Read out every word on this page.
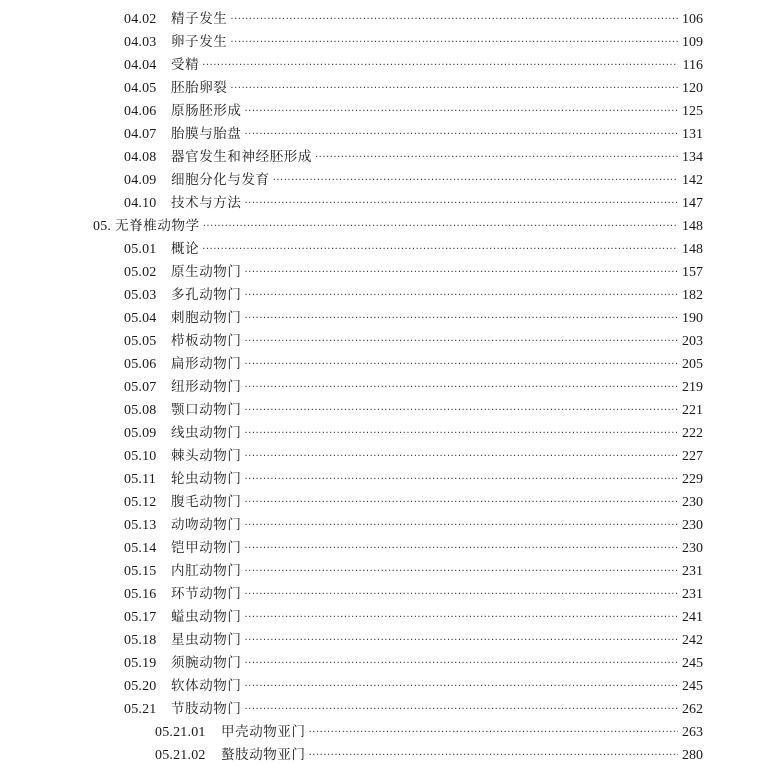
04.02	精子发生 ·····	106
04.03	卵子发生 ·····	109
04.04	受精 ·····	116
04.05	胚胎卵裂 ·····	120
04.06	原肠胚形成 ·····	125
04.07	胎膜与胎盘 ·····	131
04.08	器官发生和神经胚形成 ·····	134
04.09	细胞分化与发育 ·····	142
04.10	技术与方法 ·····	147
05. 无脊椎动物学 ·····	148
05.01	概论 ·····	148
05.02	原生动物门 ·····	157
05.03	多孔动物门 ·····	182
05.04	刺胞动物门 ·····	190
05.05	栉板动物门 ·····	203
05.06	扁形动物门 ·····	205
05.07	纽形动物门 ·····	219
05.08	颚口动物门 ·····	221
05.09	线虫动物门 ·····	222
05.10	棘头动物门 ·····	227
05.11	轮虫动物门 ·····	229
05.12	腹毛动物门 ·····	230
05.13	动吻动物门 ·····	230
05.14	铠甲动物门 ·····	230
05.15	内肛动物门 ·····	231
05.16	环节动物门 ·····	231
05.17	螠虫动物门 ·····	241
05.18	星虫动物门 ·····	242
05.19	须腕动物门 ·····	245
05.20	软体动物门 ·····	245
05.21	节肢动物门 ·····	262
05.21.01	甲壳动物亚门 ·····	263
05.21.02	螯肢动物亚门 ·····	280
